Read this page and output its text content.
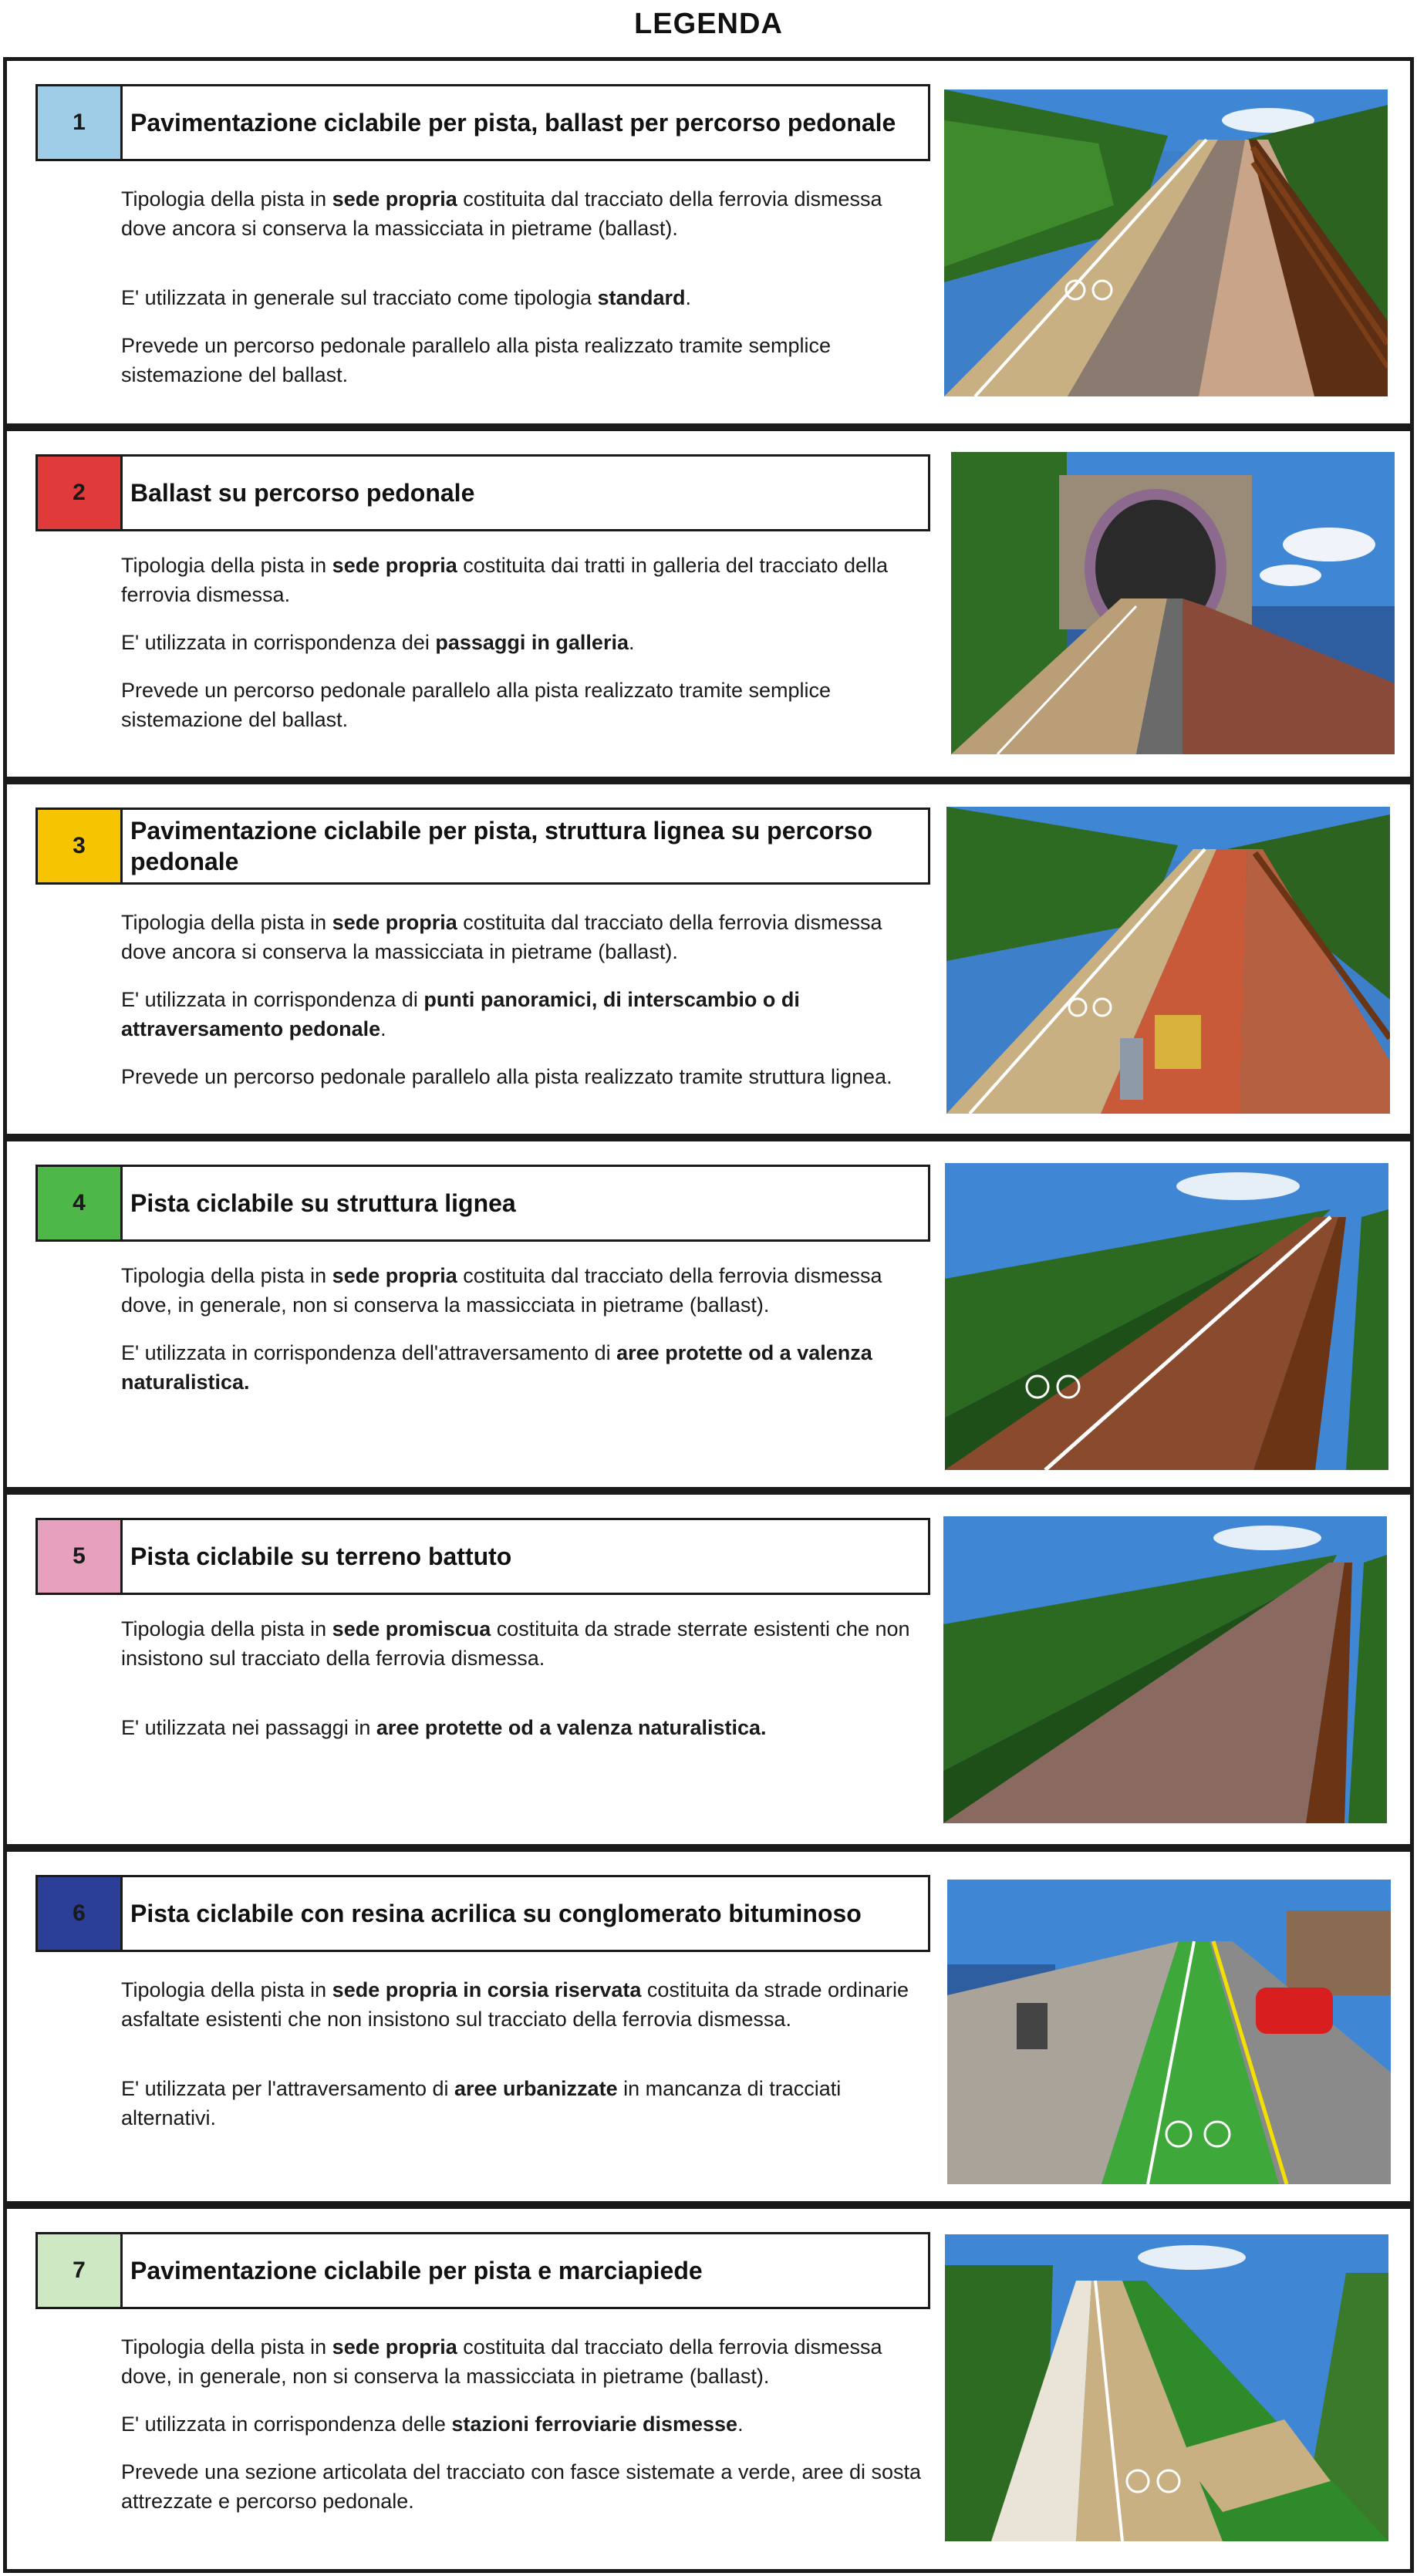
LEGENDA
1	Pavimentazione ciclabile per pista, ballast per percorso pedonale

Tipologia della pista in sede propria costituita dal tracciato della ferrovia dismessa dove ancora si conserva la massicciata in pietrame (ballast).

E' utilizzata in generale sul tracciato come tipologia standard.

Prevede un percorso pedonale parallelo alla pista realizzato tramite semplice sistemazione del ballast.

2	Ballast su percorso pedonale

Tipologia della pista in sede propria costituita dai tratti in galleria del tracciato della ferrovia dismessa.

E' utilizzata in corrispondenza dei passaggi in galleria.

Prevede un percorso pedonale parallelo alla pista realizzato tramite semplice sistemazione del ballast.

3
Pavimentazione ciclabile per pista, struttura lignea su percorso pedonale

Tipologia della pista in sede propria costituita dal tracciato della ferrovia dismessa dove ancora si conserva la massicciata in pietrame (ballast).

E' utilizzata in corrispondenza di punti panoramici, di interscambio o di attraversamento pedonale.

Prevede un percorso pedonale parallelo alla pista realizzato tramite struttura lignea.

4	Pista ciclabile su struttura lignea

Tipologia della pista in sede propria costituita dal tracciato della ferrovia dismessa dove, in generale, non si conserva la massicciata in pietrame (ballast).

E' utilizzata in corrispondenza dell'attraversamento di aree protette od a valenza naturalistica.

5	Pista ciclabile su terreno battuto

Tipologia della pista in sede promiscua costituita da strade sterrate esistenti che non insistono sul tracciato della ferrovia dismessa.

E' utilizzata nei passaggi in aree protette od a valenza naturalistica.

6	Pista ciclabile con resina acrilica su conglomerato bituminoso

Tipologia della pista in sede propria in corsia riservata costituita da strade ordinarie asfaltate esistenti che non insistono sul tracciato della ferrovia dismessa.

E' utilizzata per l'attraversamento di aree urbanizzate in mancanza di tracciati alternativi.

7	Pavimentazione ciclabile per pista e marciapiede

Tipologia della pista in sede propria costituita dal tracciato della ferrovia dismessa dove, in generale, non si conserva la massicciata in pietrame (ballast).

E' utilizzata in corrispondenza delle stazioni ferroviarie dismesse.

Prevede una sezione articolata del tracciato con fasce sistemate a verde, aree di sosta attrezzate e percorso pedonale.
